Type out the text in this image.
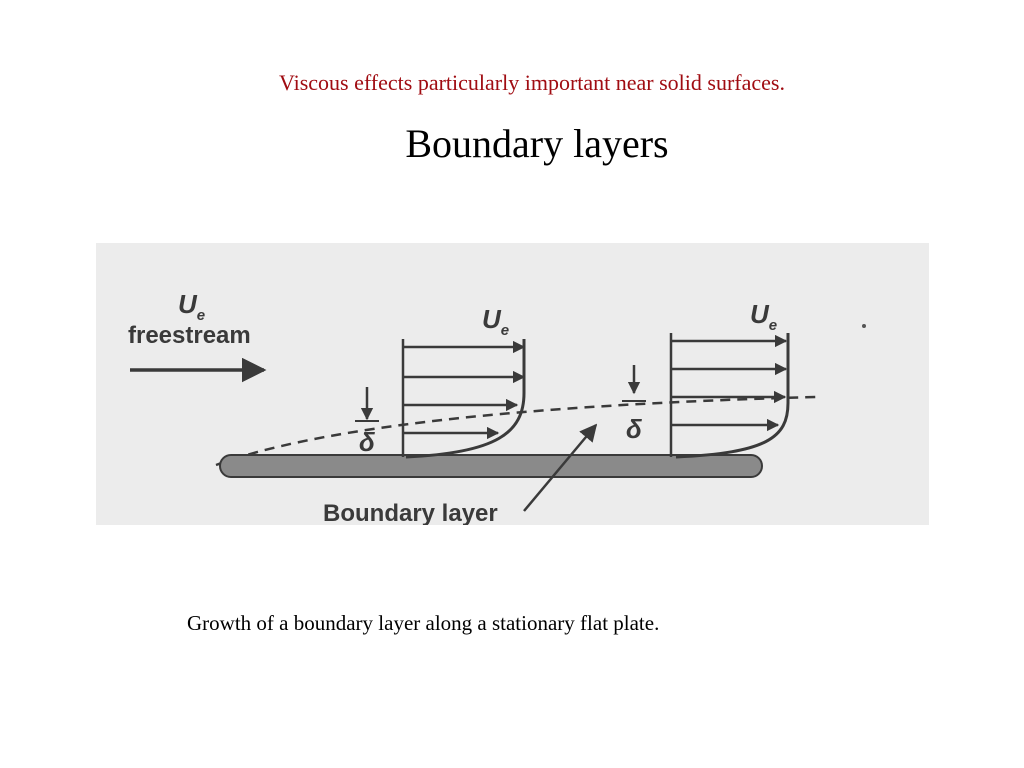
Viscous effects particularly important near solid surfaces.
Boundary layers
$U_e$
freestream
$U_e$
δ
$U_e$
δ
Boundary layer
Growth of a boundary layer along a stationary flat plate.
